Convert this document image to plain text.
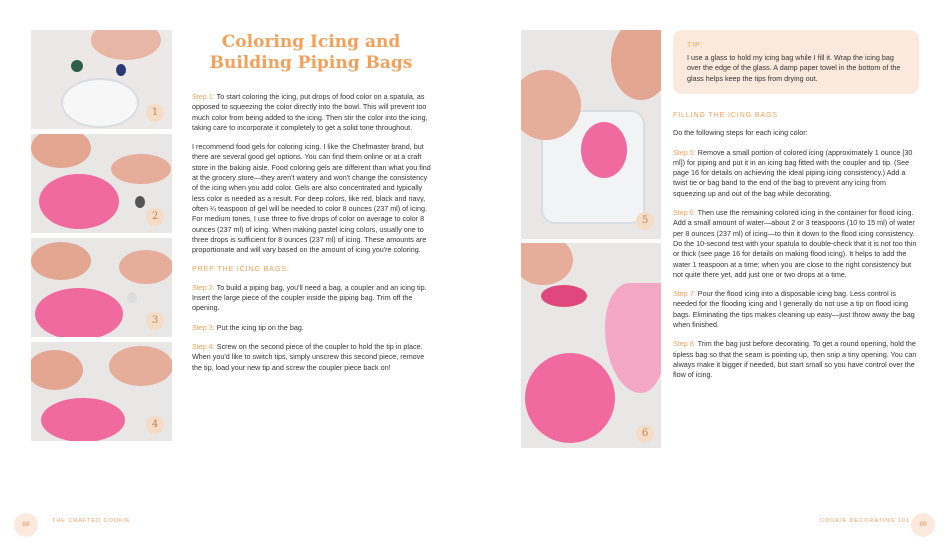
1
2
3
4
Coloring Icing and
Building Piping Bags

Step 1: To start coloring the icing, put drops of food color on a spatula, as opposed to squeezing the color directly into the bowl. This will prevent too much color from being added to the icing. Then stir the color into the icing, taking care to incorporate it completely to get a solid tone throughout.

I recommend food gels for coloring icing. I like the Chefmaster brand, but there are several good gel options. You can find them online or at a craft store in the baking aisle. Food coloring gels are different than what you find at the grocery store—they aren't watery and won't change the consistency of the icing when you add color. Gels are also concentrated and typically less color is needed as a result. For deep colors, like red, black and navy, often ¼ teaspoon of gel will be needed to color 8 ounces (237 ml) of icing. For medium tones, I use three to five drops of color on average to color 8 ounces (237 ml) of icing. When making pastel icing colors, usually one to three drops is sufficient for 8 ounces (237 ml) of icing. These amounts are proportionate and will vary based on the amount of icing you're coloring.

PREP THE ICING BAGS:

Step 2: To build a piping bag, you'll need a bag, a coupler and an icing tip. Insert the large piece of the coupler inside the piping bag. Trim off the opening.

Step 3: Put the icing tip on the bag.

Step 4: Screw on the second piece of the coupler to hold the tip in place. When you'd like to switch tips, simply unscrew this second piece, remove the tip, load your new tip and screw the coupler piece back on!

88	THE CRAFTED COOKIE
5
6
TIP:
I use a glass to hold my icing bag while I fill it. Wrap the icing bag over the edge of the glass. A damp paper towel in the bottom of the glass helps keep the tips from drying out.
FILLING THE ICING BAGS

Do the following steps for each icing color:

Step 5: Remove a small portion of colored icing (approximately 1 ounce [30 ml]) for piping and put it in an icing bag fitted with the coupler and tip. (See page 16 for details on achieving the ideal piping icing consistency.) Add a twist tie or bag band to the end of the bag to prevent any icing from squeezing up and out of the bag while decorating.

Step 6: Then use the remaining colored icing in the container for flood icing. Add a small amount of water—about 2 or 3 teaspoons (10 to 15 ml) of water per 8 ounces (237 ml) of icing—to thin it down to the flood icing consistency. Do the 10-second test with your spatula to double-check that it is not too thin or thick (see page 16 for details on making flood icing). It helps to add the water 1 teaspoon at a time; when you are close to the right consistency but not quite there yet, add just one or two drops at a time.

Step 7: Pour the flood icing into a disposable icing bag. Less control is needed for the flooding icing and I generally do not use a tip on flood icing bags. Eliminating the tips makes cleaning up easy—just throw away the bag when finished.

Step 8: Trim the bag just before decorating. To get a round opening, hold the tipless bag so that the seam is pointing up, then snip a tiny opening. You can always make it bigger if needed, but start small so you have control over the flow of icing.

COOKIE DECORATING 101	89
